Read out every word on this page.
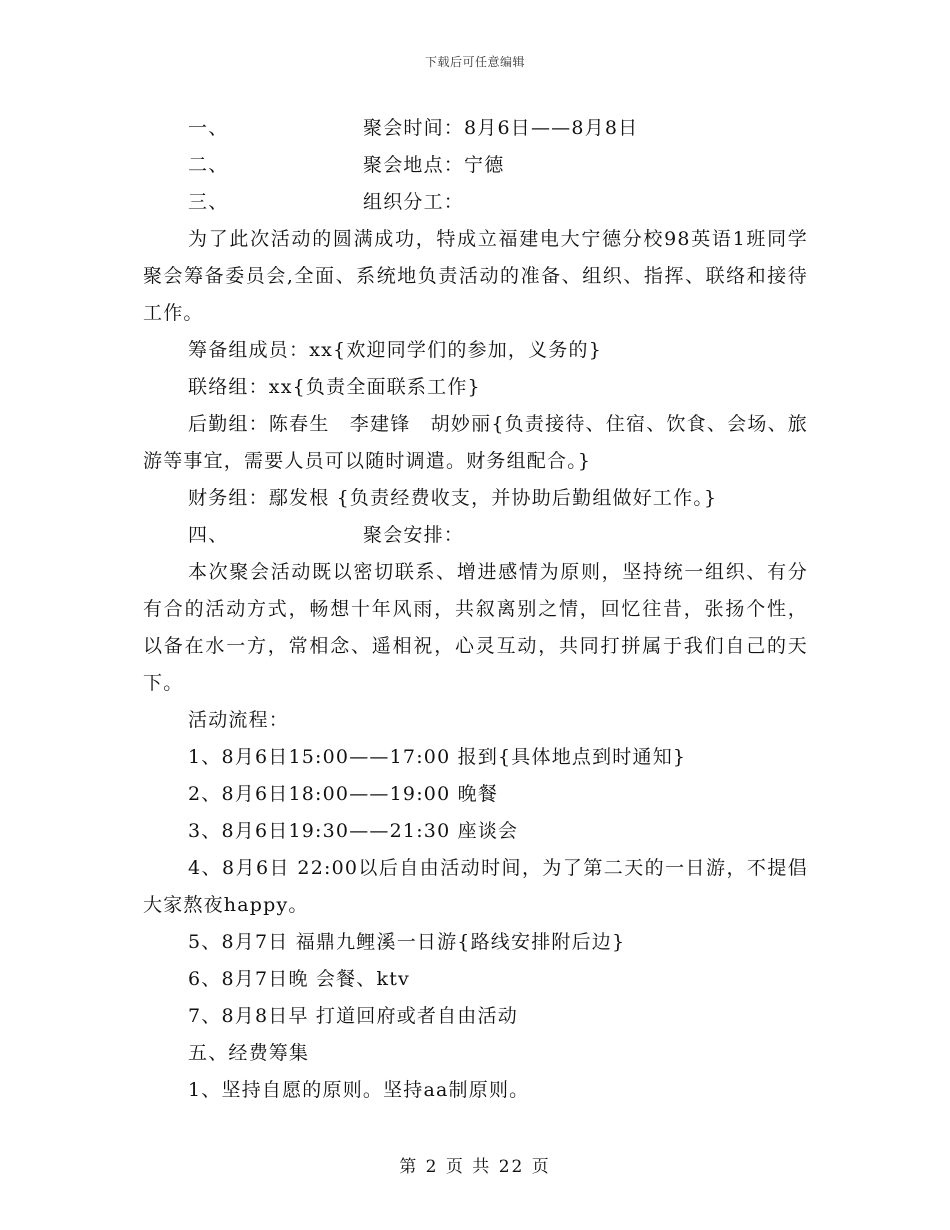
下载后可任意编辑
一、	聚会时间：8月6日——8月8日
二、	聚会地点：宁德
三、	组织分工：

为了此次活动的圆满成功，特成立福建电大宁德分校98英语1班同学聚会筹备委员会,全面、系统地负责活动的准备、组织、指挥、联络和接待工作。

筹备组成员：xx{欢迎同学们的参加，义务的}

联络组：xx{负责全面联系工作}

后勤组：陈春生　李建锋　胡妙丽{负责接待、住宿、饮食、会场、旅游等事宜，需要人员可以随时调遣。财务组配合。}

财务组：鄢发根 {负责经费收支，并协助后勤组做好工作。}

四、	聚会安排：

本次聚会活动既以密切联系、增进感情为原则，坚持统一组织、有分有合的活动方式，畅想十年风雨，共叙离别之情，回忆往昔，张扬个性，以备在水一方，常相念、遥相祝，心灵互动，共同打拼属于我们自己的天下。

活动流程：

1、8月6日15:00——17:00 报到{具体地点到时通知}

2、8月6日18:00——19:00 晚餐

3、8月6日19:30——21:30 座谈会

4、8月6日 22:00以后自由活动时间，为了第二天的一日游，不提倡大家熬夜happy。

5、8月7日 福鼎九鲤溪一日游{路线安排附后边}

6、8月7日晚 会餐、ktv

7、8月8日早 打道回府或者自由活动

五、经费筹集

1、坚持自愿的原则。坚持aa制原则。

第 2 页 共 22 页
